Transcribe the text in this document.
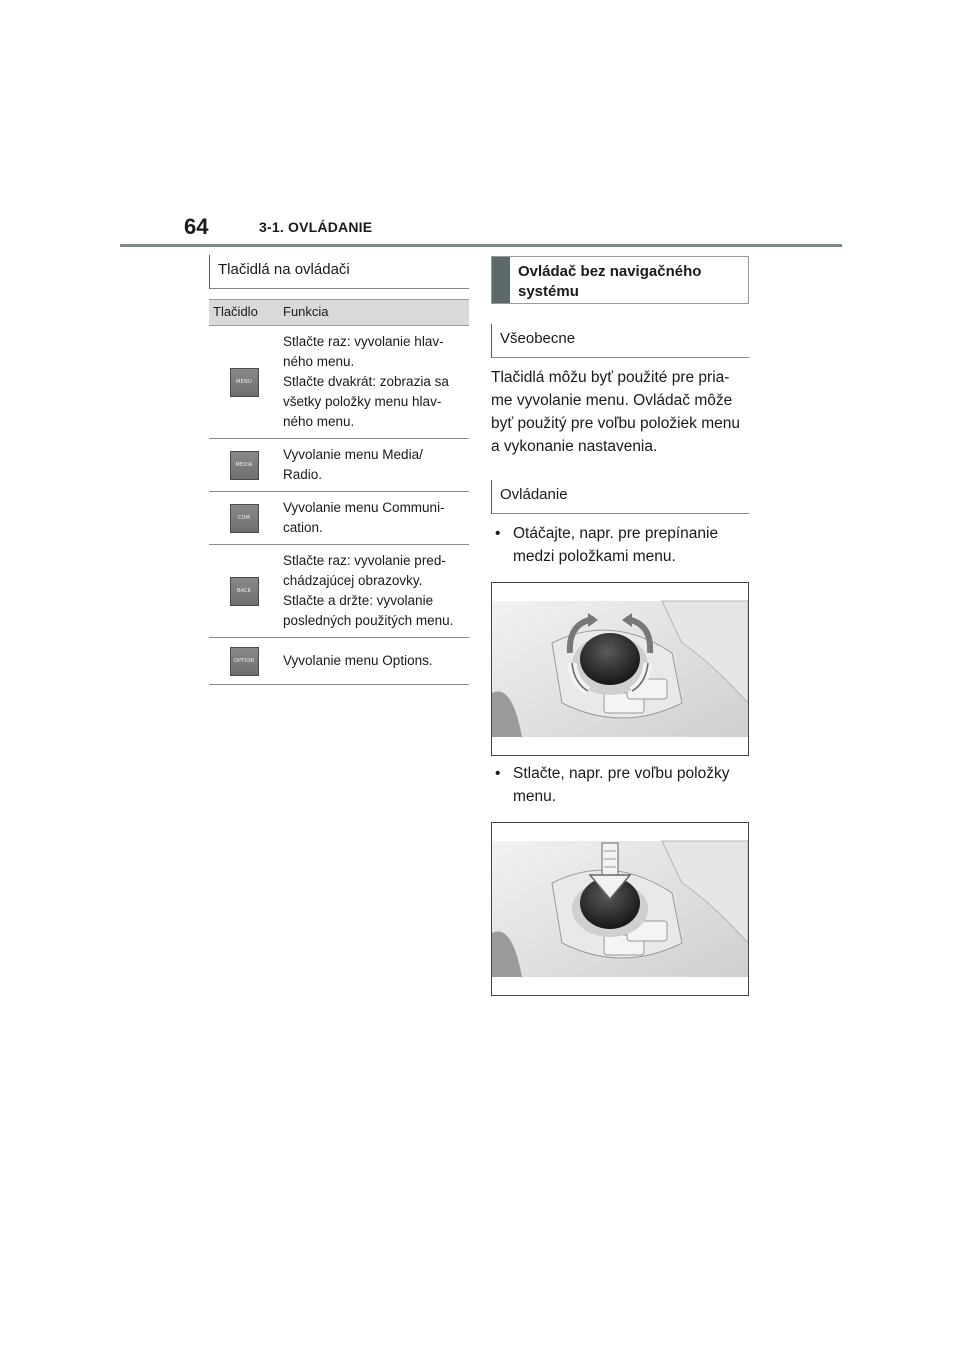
64	3-1. OVLÁDANIE
Tlačidlá na ovládači
Tlačidlo	Funkcia
MENU	Stlačte raz: vyvolanie hlav-
ného menu.
Stlačte dvakrát: zobrazia sa
všetky položky menu hlav-
ného menu.

MEDIA	Vyvolanie menu Media/
Radio.

COM	Vyvolanie menu Communi-
cation.

BACK	Stlačte raz: vyvolanie pred-
chádzajúcej obrazovky.
Stlačte a držte: vyvolanie
posledných použitých menu.

OPTION	Vyvolanie menu Options.
Ovládač bez navigačného systému
Všeobecne

Tlačidlá môžu byť použité pre pria-
me vyvolanie menu. Ovládač môže
byť použitý pre voľbu položiek menu
a vykonanie nastavenia.

Ovládanie
• Otáčajte, napr. pre prepínanie
medzi položkami menu.
• Stlačte, napr. pre voľbu položky
menu.
